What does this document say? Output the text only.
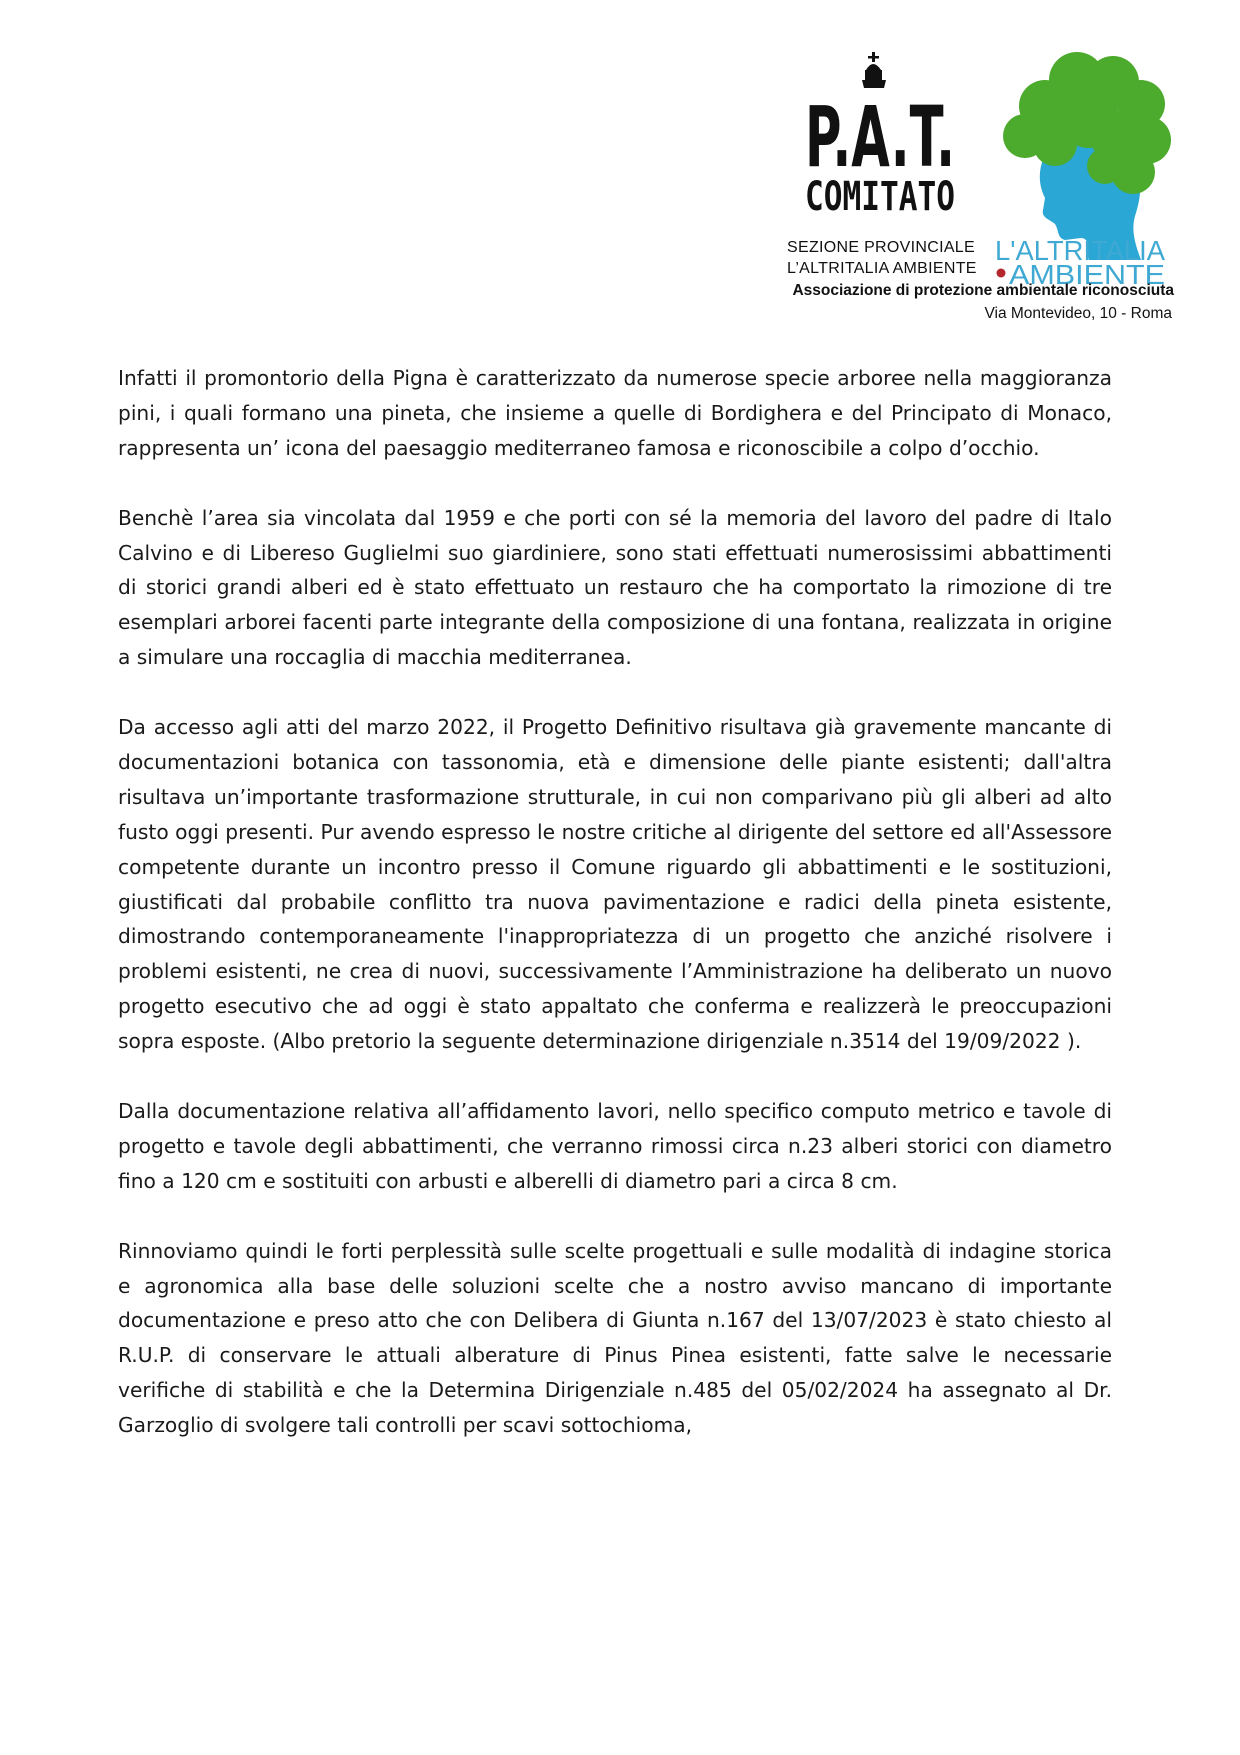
P.A.T.
COMITATO
L'ALTRITALIA
AMBIENTE
SEZIONE PROVINCIALE
L’ALTRITALIA AMBIENTE
Associazione di protezione ambientale riconosciuta
Via Montevideo, 10 - Roma

Infatti il promontorio della Pigna è caratterizzato da numerose specie arboree nella maggioranza pini, i quali formano una pineta, che insieme a quelle di Bordighera e del Principato di Monaco, rappresenta un’ icona del paesaggio mediterraneo famosa e riconoscibile a colpo d’occhio.

Benchè l’area sia vincolata dal 1959 e che porti con sé la memoria del lavoro del padre di Italo Calvino e di Libereso Guglielmi suo giardiniere, sono stati effettuati numerosissimi abbattimenti di storici grandi alberi ed è stato effettuato un restauro che ha comportato la rimozione di tre esemplari arborei facenti parte integrante della composizione di una fontana, realizzata in origine a simulare una roccaglia di macchia mediterranea.

Da accesso agli atti del marzo 2022, il Progetto Definitivo risultava già gravemente mancante di documentazioni botanica con tassonomia, età e dimensione delle piante esistenti; dall'altra risultava un’importante trasformazione strutturale, in cui non comparivano più gli alberi ad alto fusto oggi presenti. Pur avendo espresso le nostre critiche al dirigente del settore ed all'Assessore competente durante un incontro presso il Comune riguardo gli abbattimenti e le sostituzioni, giustificati dal probabile conflitto tra nuova pavimentazione e radici della pineta esistente, dimostrando contemporaneamente l'inappropriatezza di un progetto che anziché risolvere i problemi esistenti, ne crea di nuovi, successivamente l’Amministrazione ha deliberato un nuovo progetto esecutivo che ad oggi è stato appaltato che conferma e realizzerà le preoccupazioni sopra esposte. (Albo pretorio la seguente determinazione dirigenziale n.3514 del 19/09/2022 ).

Dalla documentazione relativa all’affidamento lavori, nello specifico computo metrico e tavole di progetto e tavole degli abbattimenti, che verranno rimossi circa n.23 alberi storici con diametro fino a 120 cm e sostituiti con arbusti e alberelli di diametro pari a circa 8 cm.

Rinnoviamo quindi le forti perplessità sulle scelte progettuali e sulle modalità di indagine storica e agronomica alla base delle soluzioni scelte che a nostro avviso mancano di importante documentazione e preso atto che con Delibera di Giunta n.167 del 13/07/2023 è stato chiesto al R.U.P. di conservare le attuali alberature di Pinus Pinea esistenti, fatte salve le necessarie verifiche di stabilità e che la Determina Dirigenziale n.485 del 05/02/2024 ha assegnato al Dr. Garzoglio di svolgere tali controlli per scavi sottochioma,
